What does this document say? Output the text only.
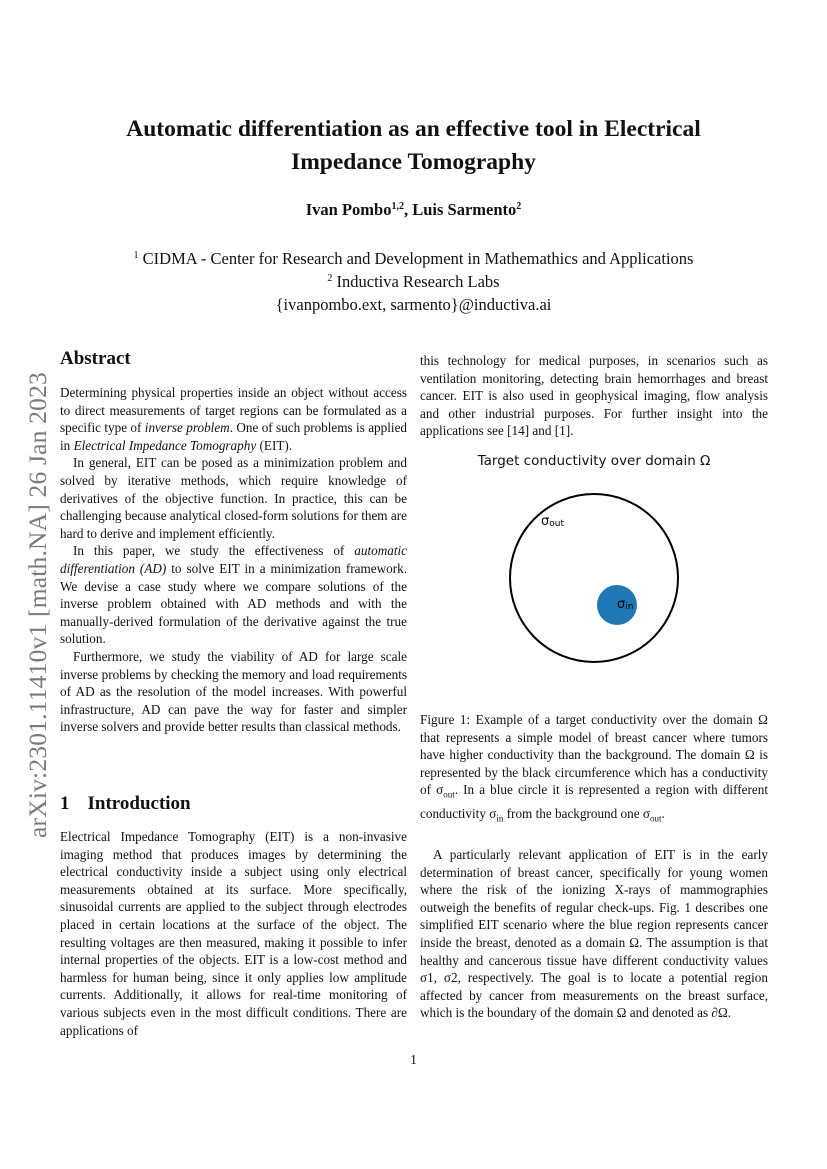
arXiv:2301.11410v1 [math.NA] 26 Jan 2023
Automatic differentiation as an effective tool in Electrical
Impedance Tomography
Ivan Pombo$^{1,2}$, Luis Sarmento$^2$
$^1$ CIDMA - Center for Research and Development in Mathemathics and Applications
$^2$ Inductiva Research Labs
{ivanpombo.ext, sarmento}@inductiva.ai
Abstract

Determining physical properties inside an object without access to direct measurements of target regions can be formulated as a specific type of inverse problem. One of such problems is applied in Electrical Impedance Tomography (EIT).

In general, EIT can be posed as a minimization problem and solved by iterative methods, which require knowledge of derivatives of the objective function. In practice, this can be challenging because analytical closed-form solutions for them are hard to derive and implement efficiently.

In this paper, we study the effectiveness of automatic differentiation (AD) to solve EIT in a minimization framework. We devise a case study where we compare solutions of the inverse problem obtained with AD methods and with the manually-derived formulation of the derivative against the true solution.

Furthermore, we study the viability of AD for large scale inverse problems by checking the memory and load requirements of AD as the resolution of the model increases. With powerful infrastructure, AD can pave the way for faster and simpler inverse solvers and provide better results than classical methods.

1 Introduction

Electrical Impedance Tomography (EIT) is a non-invasive imaging method that produces images by determining the electrical conductivity inside a subject using only electrical measurements obtained at its surface. More specifically, sinusoidal currents are applied to the subject through electrodes placed in certain locations at the surface of the object. The resulting voltages are then measured, making it possible to infer internal properties of the objects. EIT is a low-cost method and harmless for human being, since it only applies low amplitude currents. Additionally, it allows for real-time monitoring of various subjects even in the most difficult conditions. There are applications of

this technology for medical purposes, in scenarios such as ventilation monitoring, detecting brain hemorrhages and breast cancer. EIT is also used in geophysical imaging, flow analysis and other industrial purposes. For further insight into the applications see [14] and [1].

Target conductivity over domain Ω
σout
σin

Figure 1: Example of a target conductivity over the domain Ω that represents a simple model of breast cancer where tumors have higher conductivity than the background. The domain Ω is represented by the black circumference which has a conductivity of $\sigma_{out}$. In a blue circle it is represented a region with different conductivity $\sigma_{in}$ from the background one $\sigma_{out}$.

A particularly relevant application of EIT is in the early determination of breast cancer, specifically for young women where the risk of the ionizing X-rays of mammographies outweigh the benefits of regular check-ups. Fig. 1 describes one simplified EIT scenario where the blue region represents cancer inside the breast, denoted as a domain Ω. The assumption is that healthy and cancerous tissue have different conductivity values σ1, σ2, respectively. The goal is to locate a potential region affected by cancer from measurements on the breast surface, which is the boundary of the domain Ω and denoted as ∂Ω.

1
